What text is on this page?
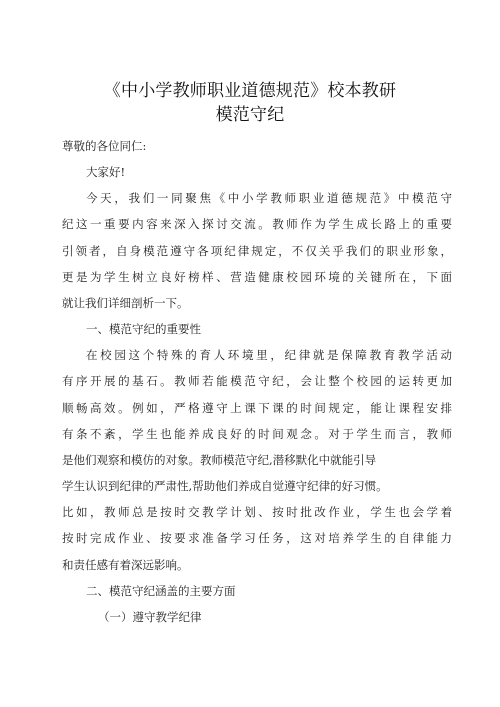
《中小学教师职业道德规范》校本教研
模范守纪
尊敬的各位同仁:
大家好!
今天，我们一同聚焦《中小学教师职业道德规范》中模范守
纪这一重要内容来深入探讨交流。教师作为学生成长路上的重要
引领者，自身模范遵守各项纪律规定，不仅关乎我们的职业形象，
更是为学生树立良好榜样、营造健康校园环境的关键所在，下面
就让我们详细剖析一下。
一、模范守纪的重要性
在校园这个特殊的育人环境里，纪律就是保障教育教学活动
有序开展的基石。教师若能模范守纪，会让整个校园的运转更加
顺畅高效。例如，严格遵守上课下课的时间规定，能让课程安排
有条不紊，学生也能养成良好的时间观念。对于学生而言，教师
是他们观察和模仿的对象。教师模范守纪,潜移默化中就能引导
学生认识到纪律的严肃性,帮助他们养成自觉遵守纪律的好习惯。
比如，教师总是按时交教学计划、按时批改作业，学生也会学着
按时完成作业、按要求准备学习任务，这对培养学生的自律能力
和责任感有着深远影响。
二、模范守纪涵盖的主要方面
（一）遵守教学纪律
